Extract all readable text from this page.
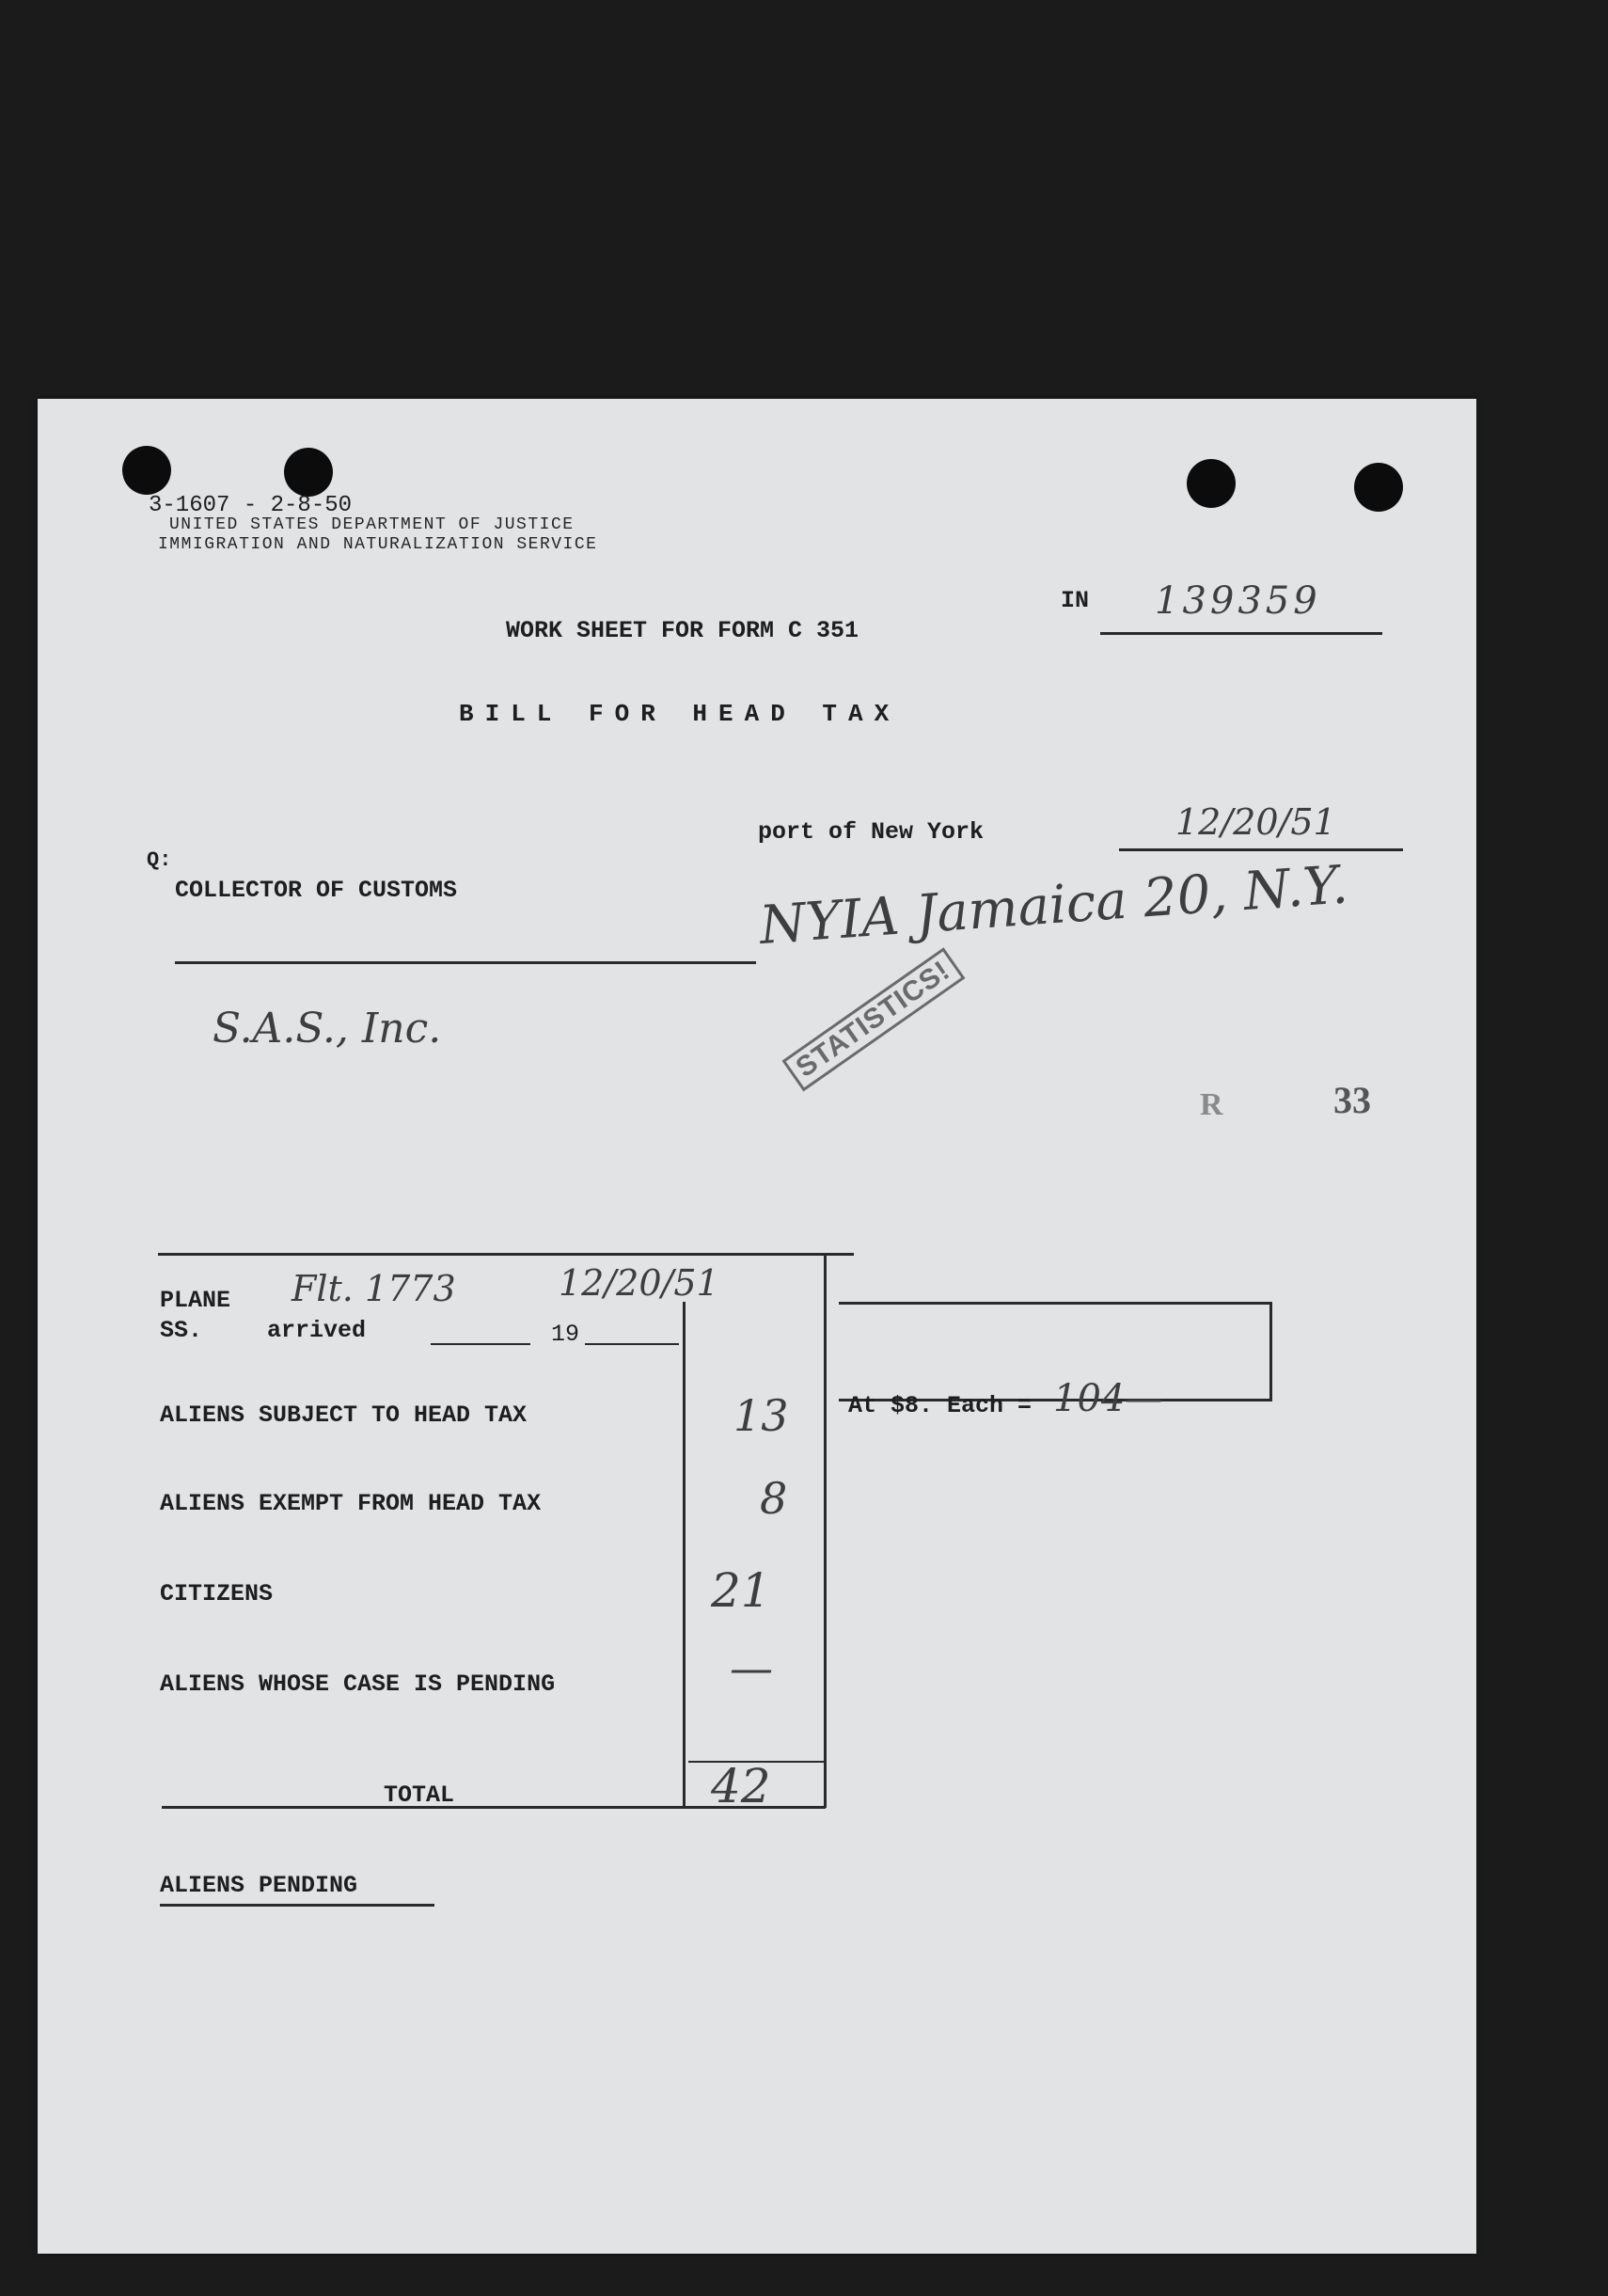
3-1607 - 2-8-50
UNITED STATES DEPARTMENT OF JUSTICE
IMMIGRATION AND NATURALIZATION SERVICE
IN 139359
WORK SHEET FOR FORM C 351
BILL FOR HEAD TAX
port of New York	12/20/51
Q:
COLLECTOR OF CUSTOMS	NYIA Jamaica 20, N.Y.
STATISTICS!
S.A.S., Inc.
R	33
PLANE Flt. 1773	12/20/51
SS.	arrived	19
ALIENS SUBJECT TO HEAD TAX	13
ALIENS EXEMPT FROM HEAD TAX	8
CITIZENS	21
ALIENS WHOSE CASE IS PENDING	—
TOTAL	42
At $8. Each = 104—
ALIENS PENDING
